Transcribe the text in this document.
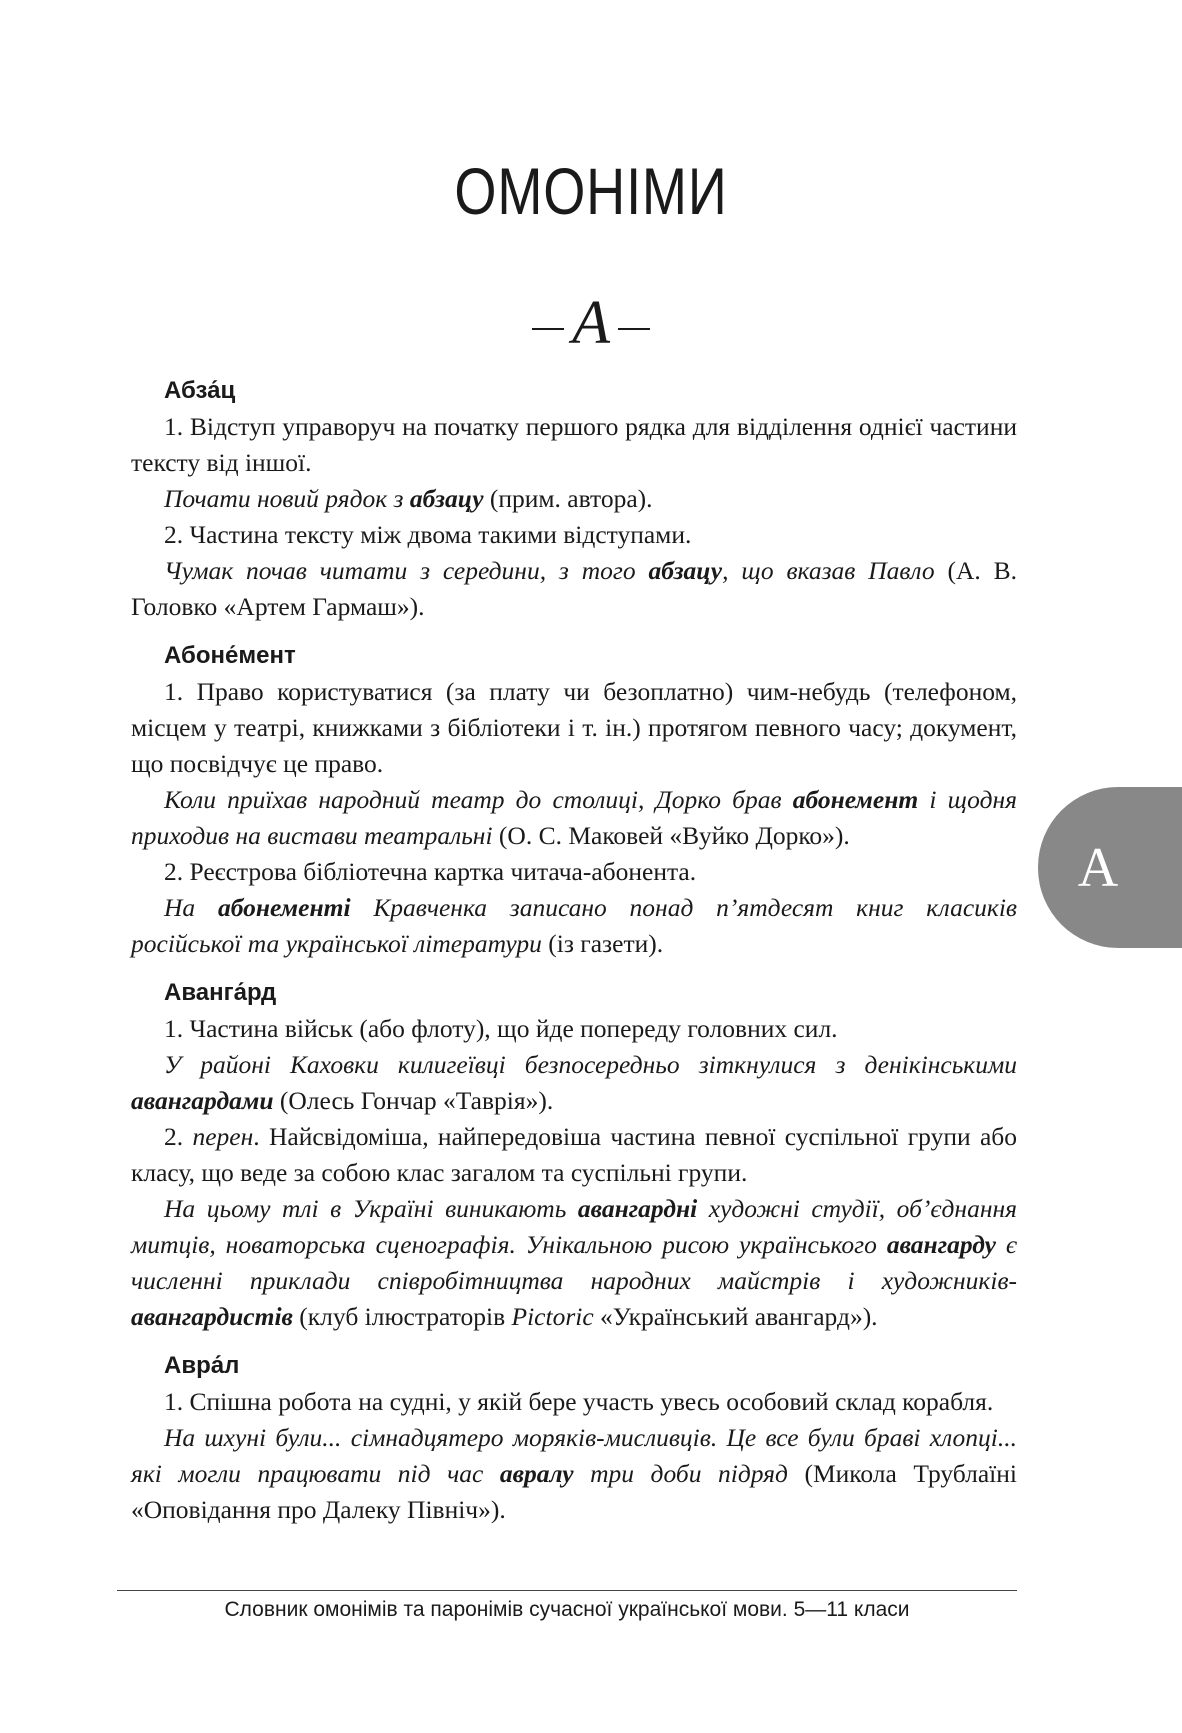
ОМОНІМИ
А
Абза́ц

1. Відступ управоруч на початку першого рядка для відділення однієї частини тексту від іншої.

Почати новий рядок з абзацу (прим. автора).

2. Частина тексту між двома такими відступами.

Чумак почав читати з середини, з того абзацу, що вказав Павло (А. В. Головко «Артем Гармаш»).

Абоне́мент

1. Право користуватися (за плату чи безоплатно) чим-небудь (телефоном, місцем у театрі, книжками з бібліотеки і т. ін.) протягом певного часу; документ, що посвідчує це право.

Коли приїхав народний театр до столиці, Дорко брав абонемент і щодня приходив на вистави театральні (О. С. Маковей «Вуйко Дорко»).

2. Реєстрова бібліотечна картка читача-абонента.

На абонементі Кравченка записано понад п’ятдесят книг класиків російської та української літератури (із газети).

Аванга́рд

1. Частина військ (або флоту), що йде попереду головних сил.

У районі Каховки килигеївці безпосередньо зіткнулися з денікінськими авангардами (Олесь Гончар «Таврія»).

2. перен. Найсвідоміша, найпередовіша частина певної суспільної групи або класу, що веде за собою клас загалом та суспільні групи.

На цьому тлі в Україні виникають авангардні художні студії, об’єднання митців, новаторська сценографія. Унікальною рисою українського авангарду є численні приклади співробітництва народних майстрів і художників-авангардистів (клуб ілюстраторів Pictoric «Український авангард»).

Авра́л

1. Спішна робота на судні, у якій бере участь увесь особовий склад корабля.

На шхуні були... сімнадцятеро моряків-мисливців. Це все були браві хлопці... які могли працювати під час авралу три доби підряд (Микола Трублаїні «Оповідання про Далеку Північ»).

А
Словник омонімів та паронімів сучасної української мови. 5—11 класи
